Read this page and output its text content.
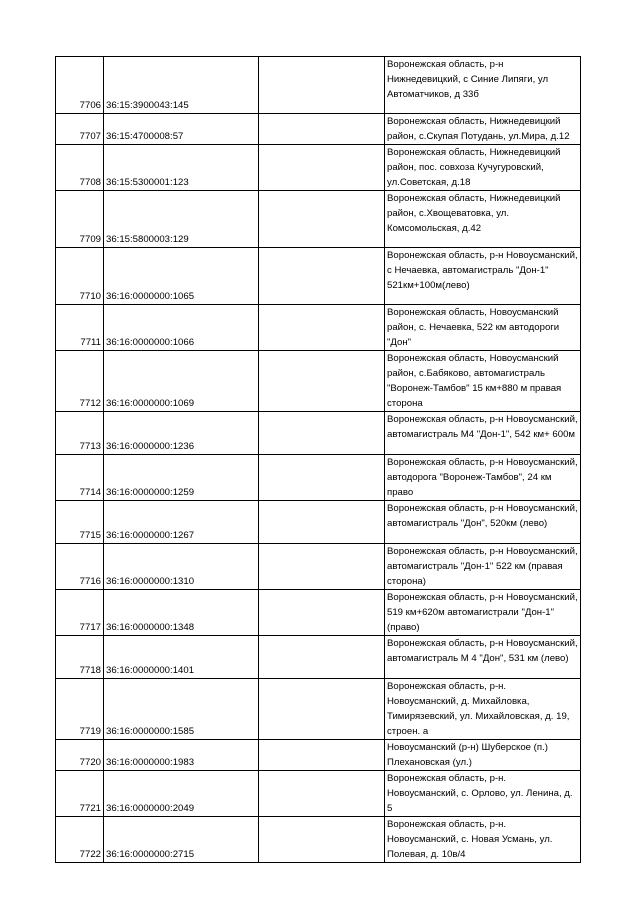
7706	36:15:3900043:145		Воронежская область, р-н Нижнедевицкий, с Синие Липяги, ул Автоматчиков, д 33б
7707	36:15:4700008:57		Воронежская область, Нижнедевицкий район, с.Скупая Потудань, ул.Мира, д.12
7708	36:15:5300001:123		Воронежская область, Нижнедевицкий район, пос. совхоза Кучугуровский, ул.Советская, д.18
7709	36:15:5800003:129		Воронежская область, Нижнедевицкий район, с.Хвощеватовка, ул. Комсомольская, д.42
7710	36:16:0000000:1065		Воронежская область, р-н Новоусманский, с Нечаевка, автомагистраль "Дон-1" 521км+100м(лево)
7711	36:16:0000000:1066		Воронежская область, Новоусманский район, с. Нечаевка, 522 км автодороги "Дон"
7712	36:16:0000000:1069		Воронежская область, Новоусманский район, с.Бабяково, автомагистраль "Воронеж-Тамбов" 15 км+880 м правая сторона
7713	36:16:0000000:1236		Воронежская область, р-н Новоусманский, автомагистраль М4 "Дон-1", 542 км+ 600м
7714	36:16:0000000:1259		Воронежская область, р-н Новоусманский, автодорога "Воронеж-Тамбов", 24 км право
7715	36:16:0000000:1267		Воронежская область, р-н Новоусманский, автомагистраль "Дон", 520км (лево)
7716	36:16:0000000:1310		Воронежская область, р-н Новоусманский, автомагистраль "Дон-1" 522 км (правая сторона)
7717	36:16:0000000:1348		Воронежская область, р-н Новоусманский, 519 км+620м автомагистрали "Дон-1" (право)
7718	36:16:0000000:1401		Воронежская область, р-н Новоусманский, автомагистраль М 4 "Дон", 531 км (лево)
7719	36:16:0000000:1585		Воронежская область, р-н. Новоусманский, д. Михайловка, Тимирязевский, ул. Михайловская, д. 19, строен. а
7720	36:16:0000000:1983		Новоусманский (р-н) Шуберское (п.) Плехановская (ул.)
7721	36:16:0000000:2049		Воронежская область, р-н. Новоусманский, с. Орлово, ул. Ленина, д. 5
7722	36:16:0000000:2715		Воронежская область, р-н. Новоусманский, с. Новая Усмань, ул. Полевая, д. 10в/4
